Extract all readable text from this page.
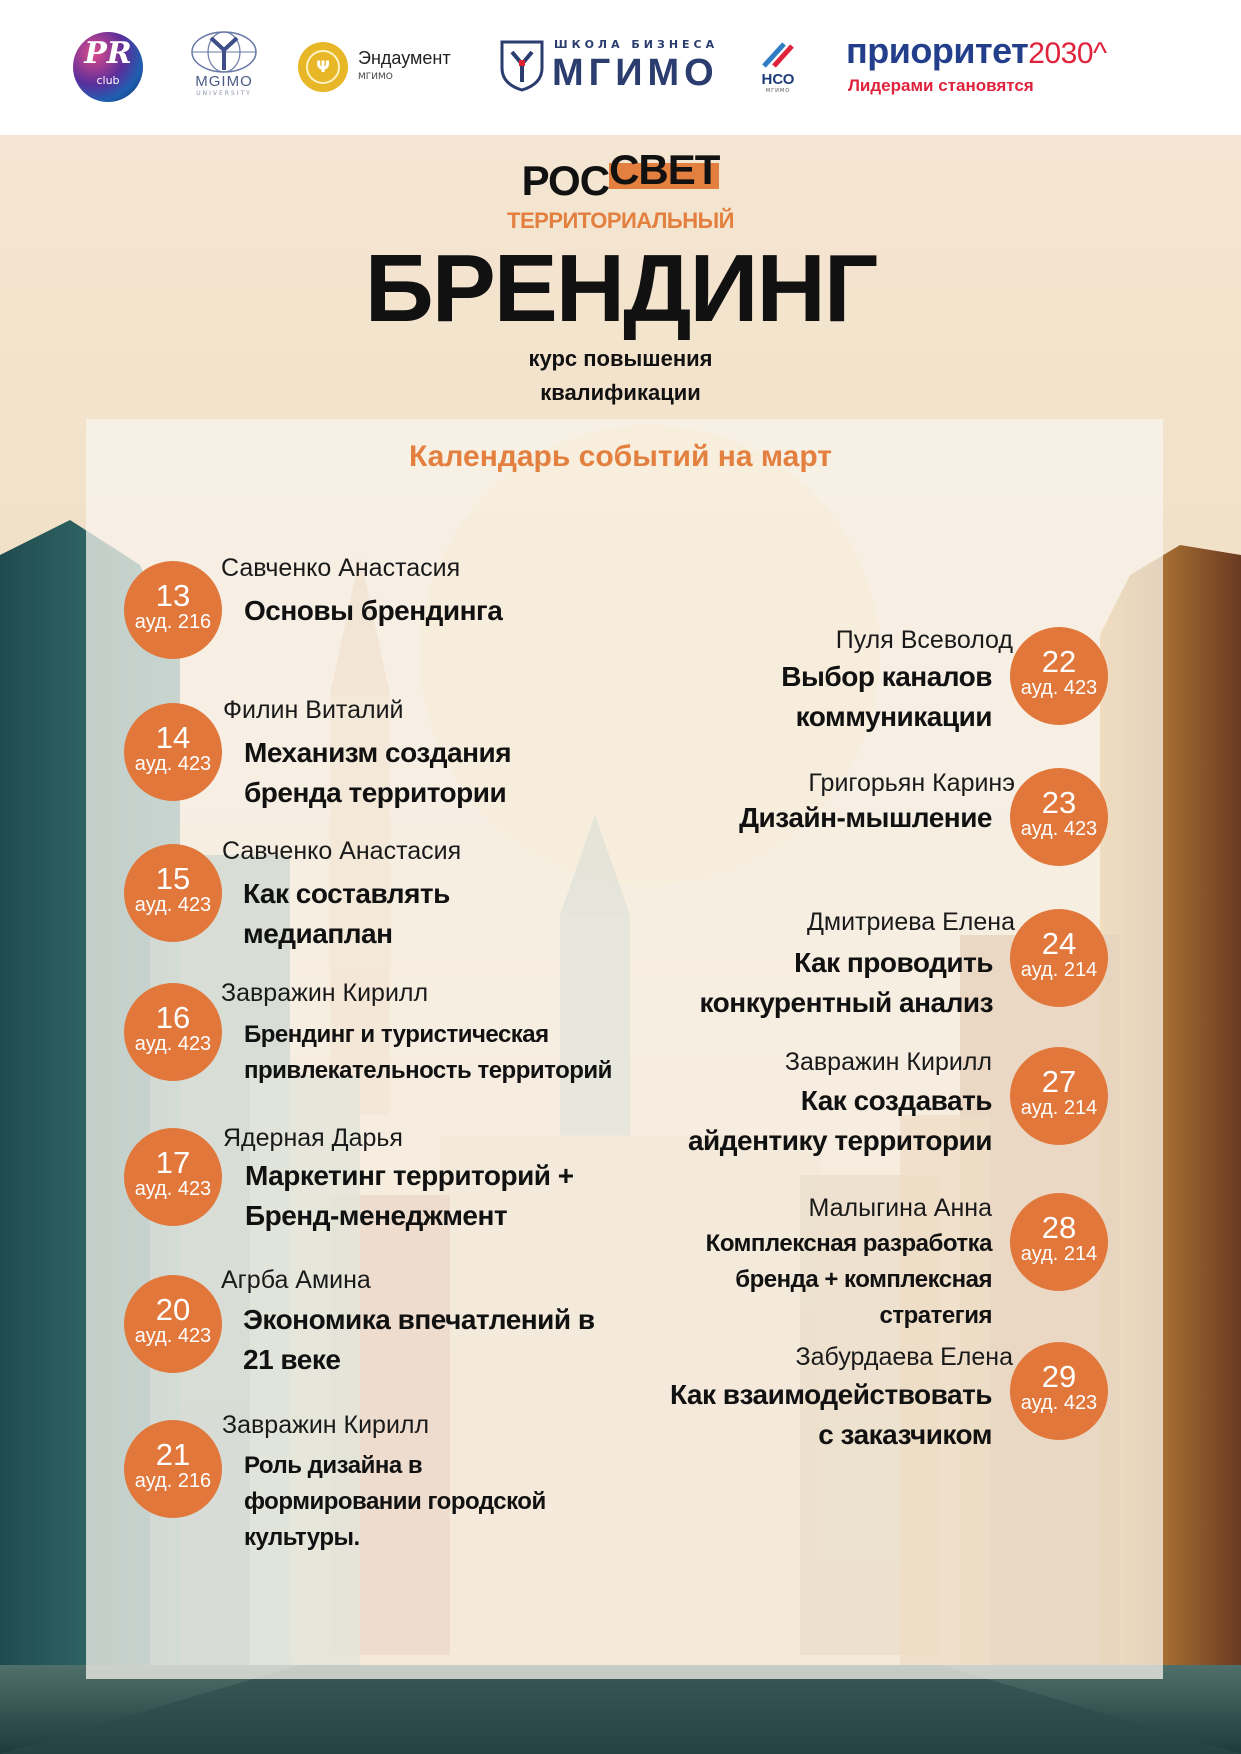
PR
club	MGIMO
UNIVERSITY
Ψ	Эндаумент
МГИМО
ШКОЛА БИЗНЕСА
МГИМО	НСО
МГИМО
приоритет2030^
Лидерами становятся
РОССВЕТ
ТЕРРИТОРИАЛЬНЫЙ
БРЕНДИНГ
курс повышения
квалификации
Календарь событий на март
13
ауд. 216
Савченко Анастасия
Основы брендинга
14
ауд. 423
Филин Виталий
Механизм создания
бренда территории
15
ауд. 423
Савченко Анастасия
Как составлять
медиаплан
16
ауд. 423
Завражин Кирилл
Брендинг и туристическая
привлекательность территорий
17
ауд. 423
Ядерная Дарья
Маркетинг территорий +
Бренд-менеджмент
20
ауд. 423
Агрба Амина
Экономика впечатлений в
21 веке
21
ауд. 216
Завражин Кирилл
Роль дизайна в
формировании городской
культуры.
Пуля Всеволод
Выбор каналов
коммуникации
22
ауд. 423
Григорьян Каринэ
Дизайн-мышление	23
ауд. 423
Дмитриева Елена
Как проводить
конкурентный анализ
24
ауд. 214
Завражин Кирилл
Как создавать
айдентику территории
27
ауд. 214
Малыгина Анна
Комплексная разработка
бренда + комплексная
стратегия
28
ауд. 214
Забурдаева Елена
Как взаимодействовать
с заказчиком
29
ауд. 423
